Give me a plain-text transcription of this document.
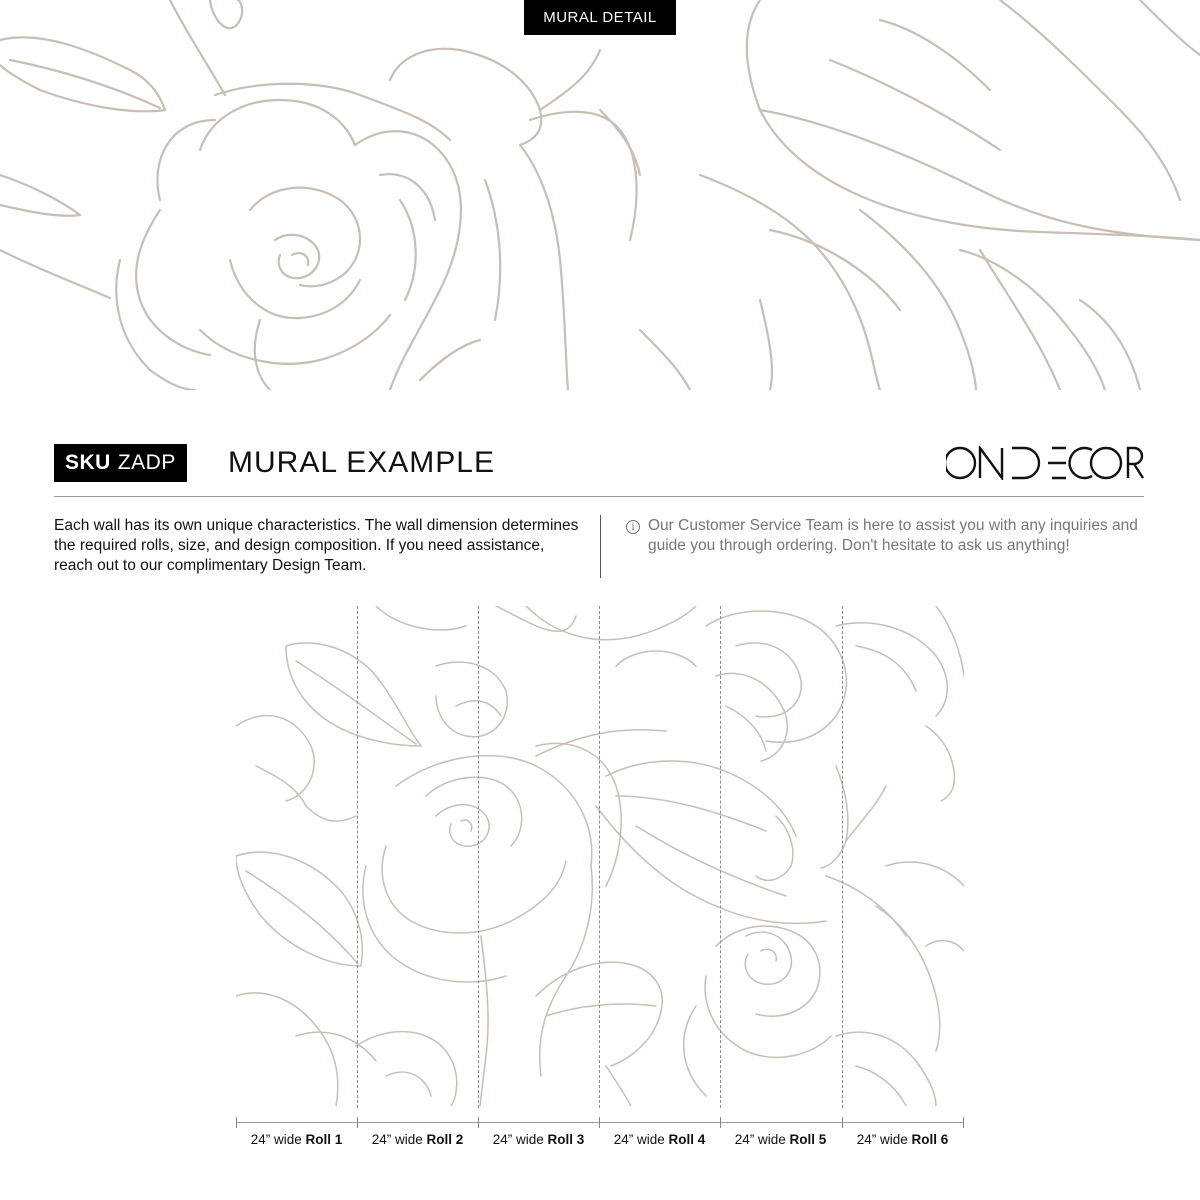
MURAL DETAIL
SKU ZADP MURAL EXAMPLE
Each wall has its own unique characteristics. The wall dimension determines the required rolls, size, and design composition. If you need assistance, reach out to our complimentary Design Team.
i
Our Customer Service Team is here to assist you with any inquiries and guide you through ordering. Don't hesitate to ask us anything!
24” wide Roll 1	24” wide Roll 2	24” wide Roll 3	24” wide Roll 4	24” wide Roll 5	24” wide Roll 6
